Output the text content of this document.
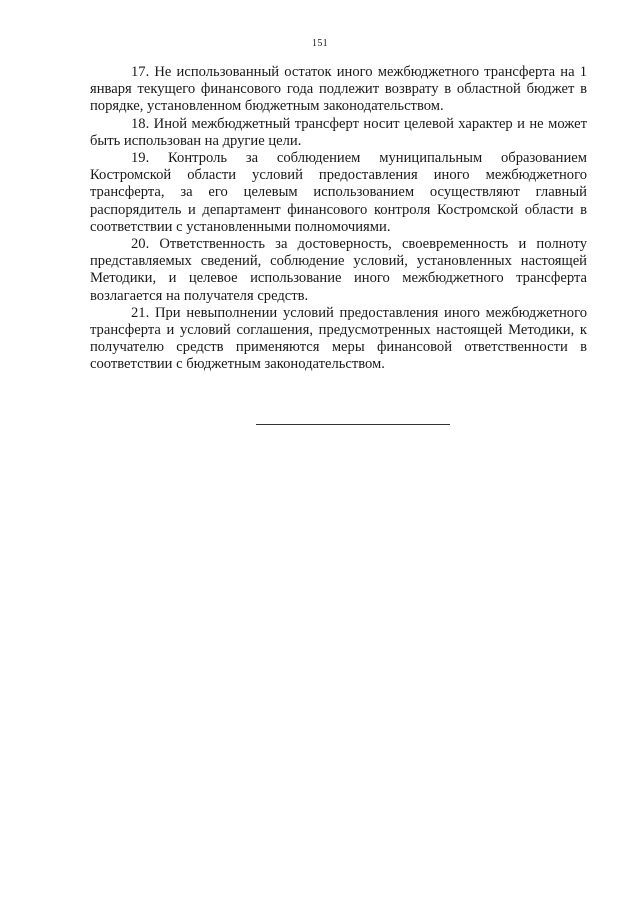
151

17. Не использованный остаток иного межбюджетного трансферта на 1 января текущего финансового года подлежит возврату в областной бюджет в порядке, установленном бюджетным законодательством.

18. Иной межбюджетный трансферт носит целевой характер и не может быть использован на другие цели.

19. Контроль за соблюдением муниципальным образованием Костромской области условий предоставления иного межбюджетного трансферта, за его целевым использованием осуществляют главный распорядитель и департамент финансового контроля Костромской области в соответствии с установленными полномочиями.

20. Ответственность за достоверность, своевременность и полноту представляемых сведений, соблюдение условий, установленных настоящей Методики, и целевое использование иного межбюджетного трансферта возлагается на получателя средств.

21. При невыполнении условий предоставления иного межбюджетного трансферта и условий соглашения, предусмотренных настоящей Методики, к получателю средств применяются меры финансовой ответственности в соответствии с бюджетным законодательством.
